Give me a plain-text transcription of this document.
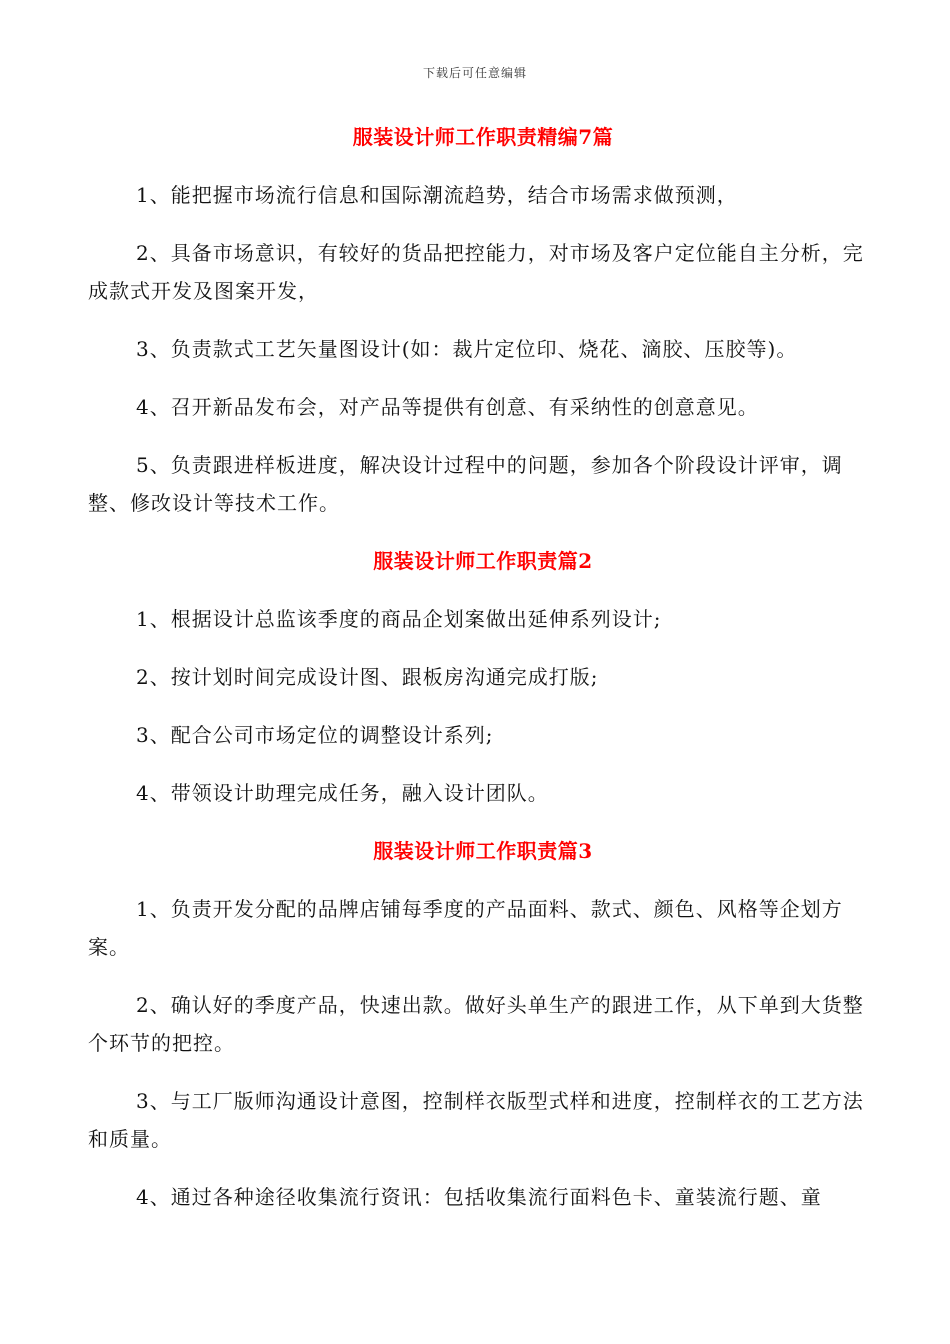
下载后可任意编辑
服装设计师工作职责精编7篇

1、能把握市场流行信息和国际潮流趋势，结合市场需求做预测，

2、具备市场意识，有较好的货品把控能力，对市场及客户定位能自主分析，完成款式开发及图案开发，

3、负责款式工艺矢量图设计(如：裁片定位印、烧花、滴胶、压胶等)。

4、召开新品发布会，对产品等提供有创意、有采纳性的创意意见。

5、负责跟进样板进度，解决设计过程中的问题，参加各个阶段设计评审，调整、修改设计等技术工作。

服装设计师工作职责篇2

1、根据设计总监该季度的商品企划案做出延伸系列设计;

2、按计划时间完成设计图、跟板房沟通完成打版;

3、配合公司市场定位的调整设计系列;

4、带领设计助理完成任务，融入设计团队。

服装设计师工作职责篇3

1、负责开发分配的品牌店铺每季度的产品面料、款式、颜色、风格等企划方案。

2、确认好的季度产品，快速出款。做好头单生产的跟进工作，从下单到大货整个环节的把控。

3、与工厂版师沟通设计意图，控制样衣版型式样和进度，控制样衣的工艺方法和质量。

4、通过各种途径收集流行资讯：包括收集流行面料色卡、童装流行题、童
